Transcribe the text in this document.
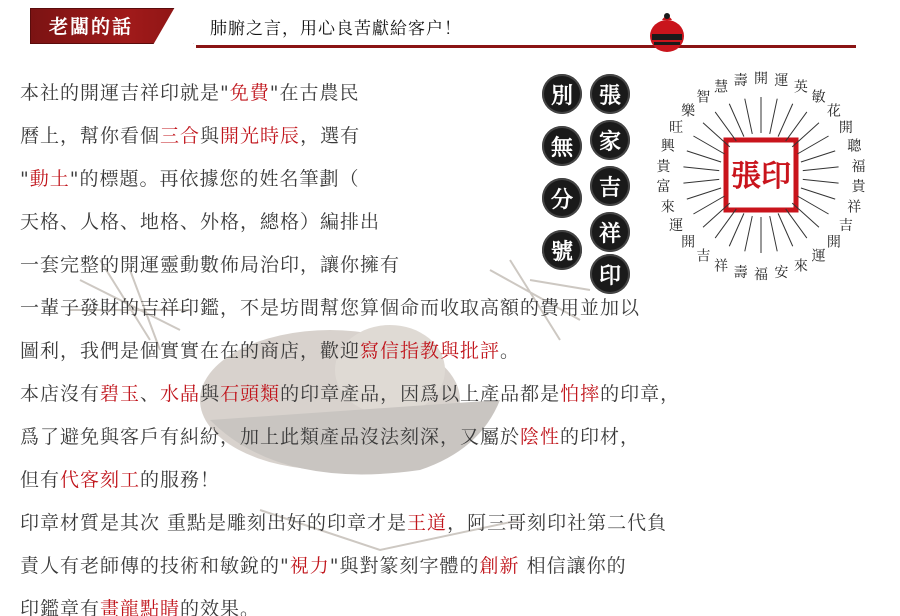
老闆的話	肺腑之言，用心良苦獻給客户！
別	張
無	家
分	吉
號
祥
印
張印
開 運 英
敏
花
開
聰
福
貴
祥
吉
開
運
來
安
福
壽
祥
吉
開
運
來
富
貴
興
旺
樂
智
慧 壽
本社的開運吉祥印就是"免費"在古農民
曆上，幫你看個三合與開光時辰，選有
"動土"的標題。再依據您的姓名筆劃（
天格、人格、地格、外格，總格）編排出
一套完整的開運靈動數佈局治印，讓你擁有
一輩子發財的吉祥印鑑，不是坊間幫您算個命而收取高額的費用並加以
圖利，我們是個實實在在的商店，歡迎寫信指教與批評。
本店沒有碧玉、水晶與石頭類的印章產品，因爲以上產品都是怕摔的印章，
爲了避免與客戶有糾紛，加上此類產品沒法刻深，又屬於陰性的印材，
但有代客刻工的服務！
印章材質是其次 重點是雕刻出好的印章才是王道，阿三哥刻印社第二代負
責人有老師傳的技術和敏銳的"視力"與對篆刻字體的創新 相信讓你的
印鑑章有畫龍點睛的效果。
